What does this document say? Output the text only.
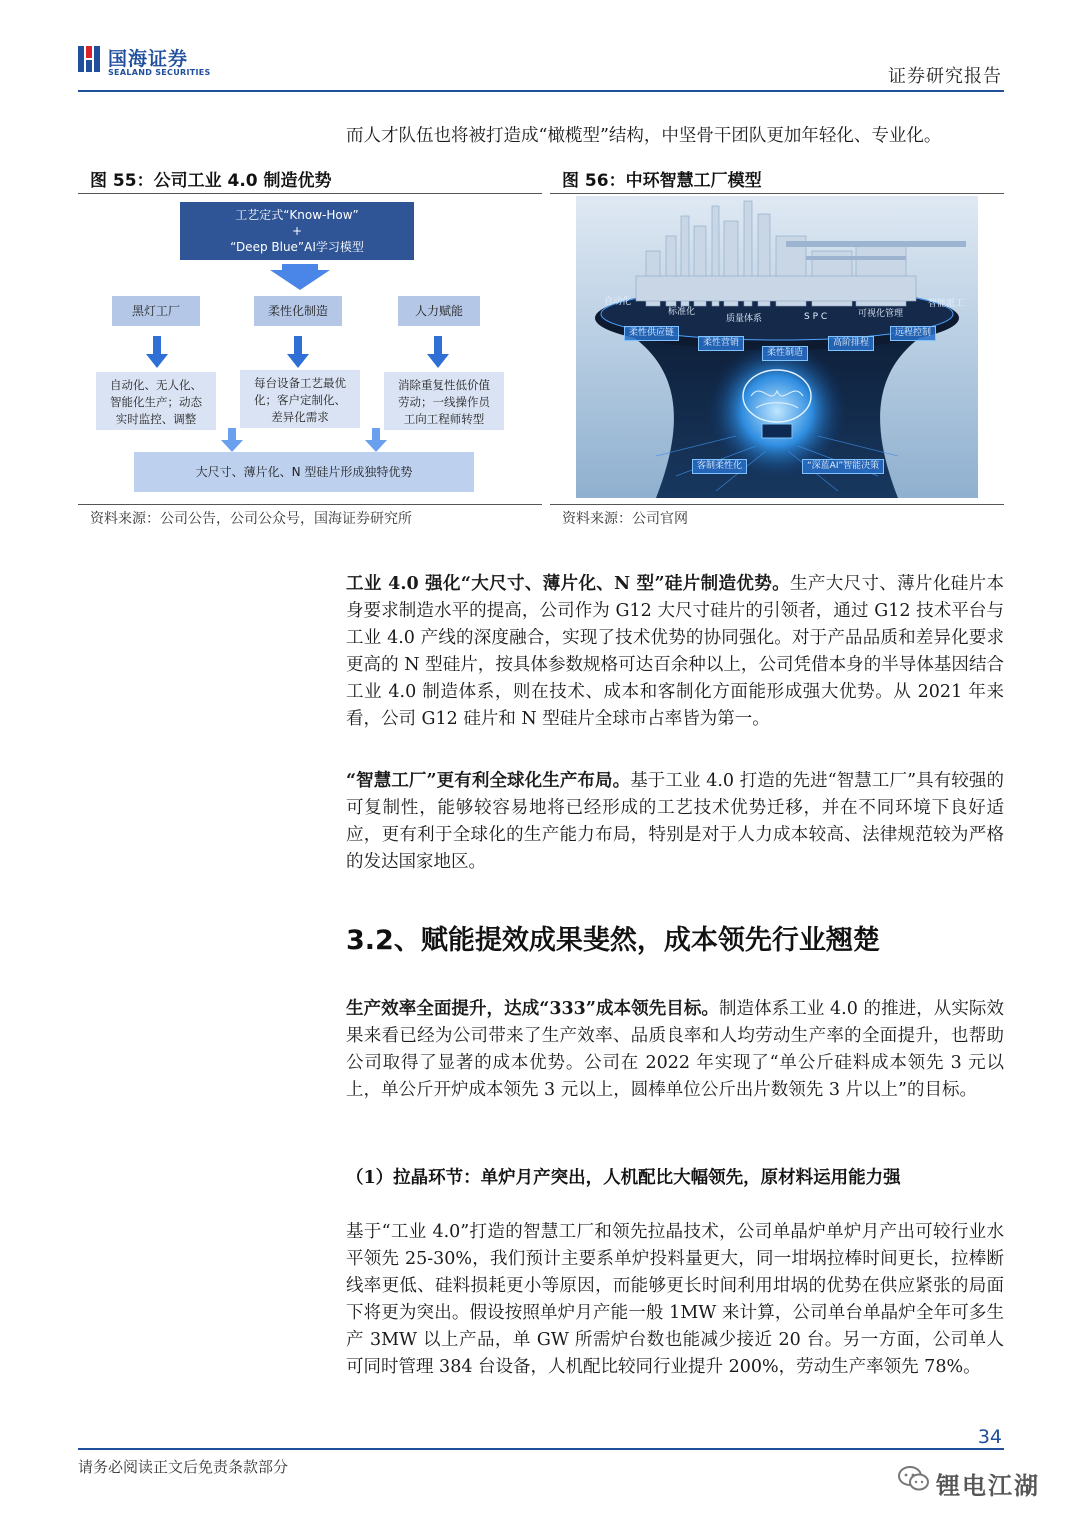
国海证券
SEALAND SECURITIES	证券研究报告
而人才队伍也将被打造成“橄榄型”结构，中坚骨干团队更加年轻化、专业化。
图 55：公司工业 4.0 制造优势
工艺定式“Know-How”
+
“Deep Blue”AI学习模型
黑灯工厂	柔性化制造	人力赋能
自动化、无人化、
智能化生产；动态
实时监控、调整
每台设备工艺最优
化；客户定制化、
差异化需求
消除重复性低价值
劳动；一线操作员
工向工程师转型
大尺寸、薄片化、N 型硅片形成独特优势
资料来源：公司公告，公司公众号，国海证券研究所
图 56：中环智慧工厂模型
自动化
标准化
质量体系	S P C	可视化管理
智能派工
柔性供应链
柔性营销
柔性制造
高阶排程
远程控制
客制柔性化	“深蓝AI”智能决策
资料来源：公司官网
工业 4.0 强化“大尺寸、薄片化、N 型”硅片制造优势。生产大尺寸、薄片化硅片本身要求制造水平的提高，公司作为 G12 大尺寸硅片的引领者，通过 G12 技术平台与工业 4.0 产线的深度融合，实现了技术优势的协同强化。对于产品品质和差异化要求更高的 N 型硅片，按具体参数规格可达百余种以上，公司凭借本身的半导体基因结合工业 4.0 制造体系，则在技术、成本和客制化方面能形成强大优势。从 2021 年来看，公司 G12 硅片和 N 型硅片全球市占率皆为第一。
“智慧工厂”更有利全球化生产布局。基于工业 4.0 打造的先进“智慧工厂”具有较强的可复制性，能够较容易地将已经形成的工艺技术优势迁移，并在不同环境下良好适应，更有利于全球化的生产能力布局，特别是对于人力成本较高、法律规范较为严格的发达国家地区。
3.2、赋能提效成果斐然，成本领先行业翘楚
生产效率全面提升，达成“333”成本领先目标。制造体系工业 4.0 的推进，从实际效果来看已经为公司带来了生产效率、品质良率和人均劳动生产率的全面提升，也帮助公司取得了显著的成本优势。公司在 2022 年实现了“单公斤硅料成本领先 3 元以上，单公斤开炉成本领先 3 元以上，圆棒单位公斤出片数领先 3 片以上”的目标。
（1）拉晶环节：单炉月产突出，人机配比大幅领先，原材料运用能力强
基于“工业 4.0”打造的智慧工厂和领先拉晶技术，公司单晶炉单炉月产出可较行业水平领先 25-30%，我们预计主要系单炉投料量更大，同一坩埚拉棒时间更长，拉棒断线率更低、硅料损耗更小等原因，而能够更长时间利用坩埚的优势在供应紧张的局面下将更为突出。假设按照单炉月产能一般 1MW 来计算，公司单台单晶炉全年可多生产 3MW 以上产品，单 GW 所需炉台数也能减少接近 20 台。另一方面，公司单人可同时管理 384 台设备，人机配比较同行业提升 200%，劳动生产率领先 78%。
34
请务必阅读正文后免责条款部分
锂电江湖
